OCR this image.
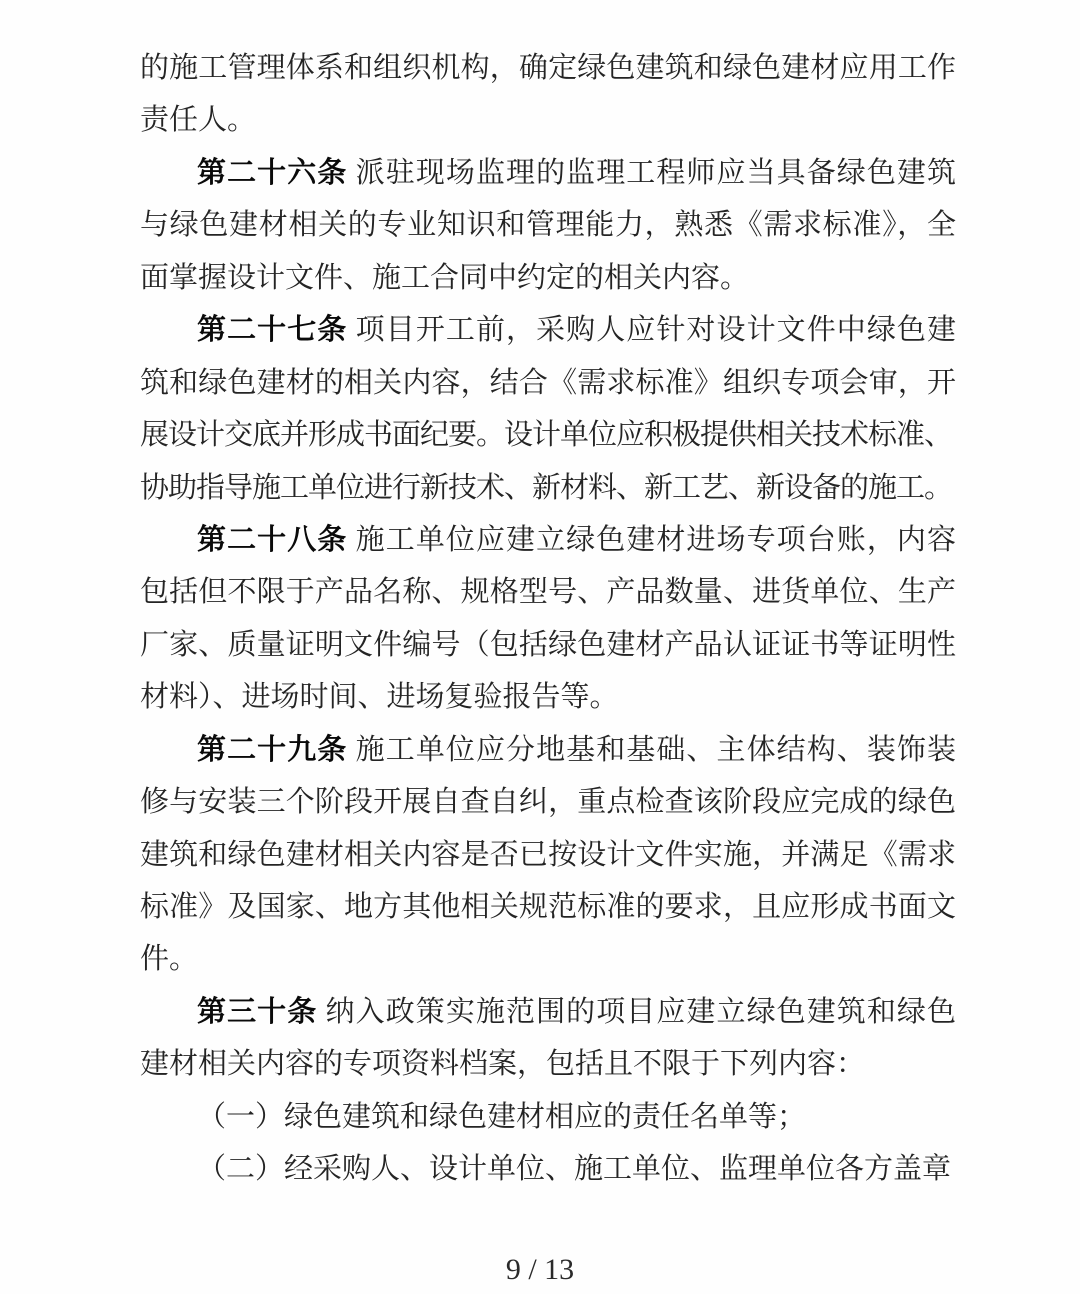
的施工管理体系和组织机构，确定绿色建筑和绿色建材应用工作
责任人。
第二十六条 派驻现场监理的监理工程师应当具备绿色建筑
与绿色建材相关的专业知识和管理能力，熟悉《需求标准》，全
面掌握设计文件、施工合同中约定的相关内容。
第二十七条 项目开工前，采购人应针对设计文件中绿色建
筑和绿色建材的相关内容，结合《需求标准》组织专项会审，开
展设计交底并形成书面纪要。设计单位应积极提供相关技术标准、
协助指导施工单位进行新技术、新材料、新工艺、新设备的施工。
第二十八条 施工单位应建立绿色建材进场专项台账，内容
包括但不限于产品名称、规格型号、产品数量、进货单位、生产
厂家、质量证明文件编号（包括绿色建材产品认证证书等证明性
材料）、进场时间、进场复验报告等。
第二十九条 施工单位应分地基和基础、主体结构、装饰装
修与安装三个阶段开展自查自纠，重点检查该阶段应完成的绿色
建筑和绿色建材相关内容是否已按设计文件实施，并满足《需求
标准》及国家、地方其他相关规范标准的要求，且应形成书面文
件。
第三十条 纳入政策实施范围的项目应建立绿色建筑和绿色
建材相关内容的专项资料档案，包括且不限于下列内容：
（一）绿色建筑和绿色建材相应的责任名单等；
（二）经采购人、设计单位、施工单位、监理单位各方盖章
9 / 13
